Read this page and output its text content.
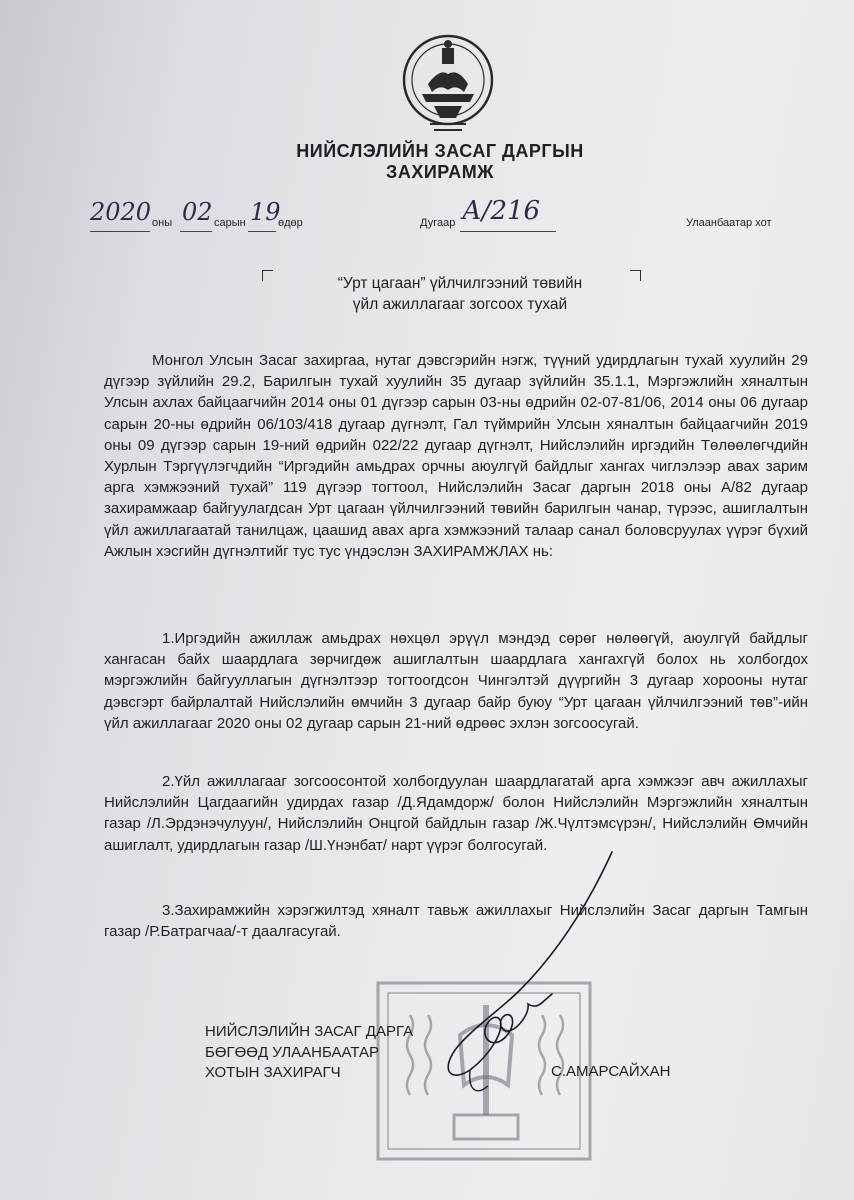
НИЙСЛЭЛИЙН ЗАСАГ ДАРГЫН
ЗАХИРАМЖ
2020 оны 02 сарын 19
өдөр	Дугаар А/216	Улаанбаатар хот
“Урт цагаан” үйлчилгээний төвийн
үйл ажиллагааг зогсоох тухай
Монгол Улсын Засаг захиргаа, нутаг дэвсгэрийн нэгж, түүний удирдлагын тухай хуулийн 29 дүгээр зүйлийн 29.2, Барилгын тухай хуулийн 35 дугаар зүйлийн 35.1.1, Мэргэжлийн хяналтын Улсын ахлах байцаагчийн 2014 оны 01 дүгээр сарын 03-ны өдрийн 02-07-81/06, 2014 оны 06 дугаар сарын 20-ны өдрийн 06/103/418 дугаар дүгнэлт, Гал түймрийн Улсын хяналтын байцаагчийн 2019 оны 09 дүгээр сарын 19-ний өдрийн 022/22 дугаар дүгнэлт, Нийслэлийн иргэдийн Төлөөлөгчдийн Хурлын Тэргүүлэгчдийн “Иргэдийн амьдрах орчны аюулгүй байдлыг хангах чиглэлээр авах зарим арга хэмжээний тухай” 119 дүгээр тогтоол, Нийслэлийн Засаг даргын 2018 оны А/82 дугаар захирамжаар байгуулагдсан Урт цагаан үйлчилгээний төвийн барилгын чанар, түрээс, ашиглалтын үйл ажиллагаатай танилцаж, цаашид авах арга хэмжээний талаар санал боловсруулах үүрэг бүхий Ажлын хэсгийн дүгнэлтийг тус тус үндэслэн ЗАХИРАМЖЛАХ нь:
1.Иргэдийн ажиллаж амьдрах нөхцөл эрүүл мэндэд сөрөг нөлөөгүй, аюулгүй байдлыг хангасан байх шаардлага зөрчигдөж ашиглалтын шаардлага хангахгүй болох нь холбогдох мэргэжлийн байгууллагын дүгнэлтээр тогтоогдсон Чингэлтэй дүүргийн 3 дугаар хорооны нутаг дэвсгэрт байрлалтай Нийслэлийн өмчийн 3 дугаар байр буюу “Урт цагаан үйлчилгээний төв”-ийн үйл ажиллагааг 2020 оны 02 дугаар сарын 21-ний өдрөөс эхлэн зогсоосугай.
2.Үйл ажиллагааг зогсоосонтой холбогдуулан шаардлагатай арга хэмжээг авч ажиллахыг Нийслэлийн Цагдаагийн удирдах газар /Д.Ядамдорж/ болон Нийслэлийн Мэргэжлийн хяналтын газар /Л.Эрдэнэчулуун/, Нийслэлийн Онцгой байдлын газар /Ж.Чүлтэмсүрэн/, Нийслэлийн Өмчийн ашиглалт, удирдлагын газар /Ш.Үнэнбат/ нарт үүрэг болгосугай.
3.Захирамжийн хэрэгжилтэд хяналт тавьж ажиллахыг Нийслэлийн Засаг даргын Тамгын газар /Р.Батрагчаа/-т даалгасугай.
НИЙСЛЭЛИЙН ЗАСАГ ДАРГА
БӨГӨӨД УЛААНБААТАР
ХОТЫН ЗАХИРАГЧ	С.АМАРСАЙХАН
